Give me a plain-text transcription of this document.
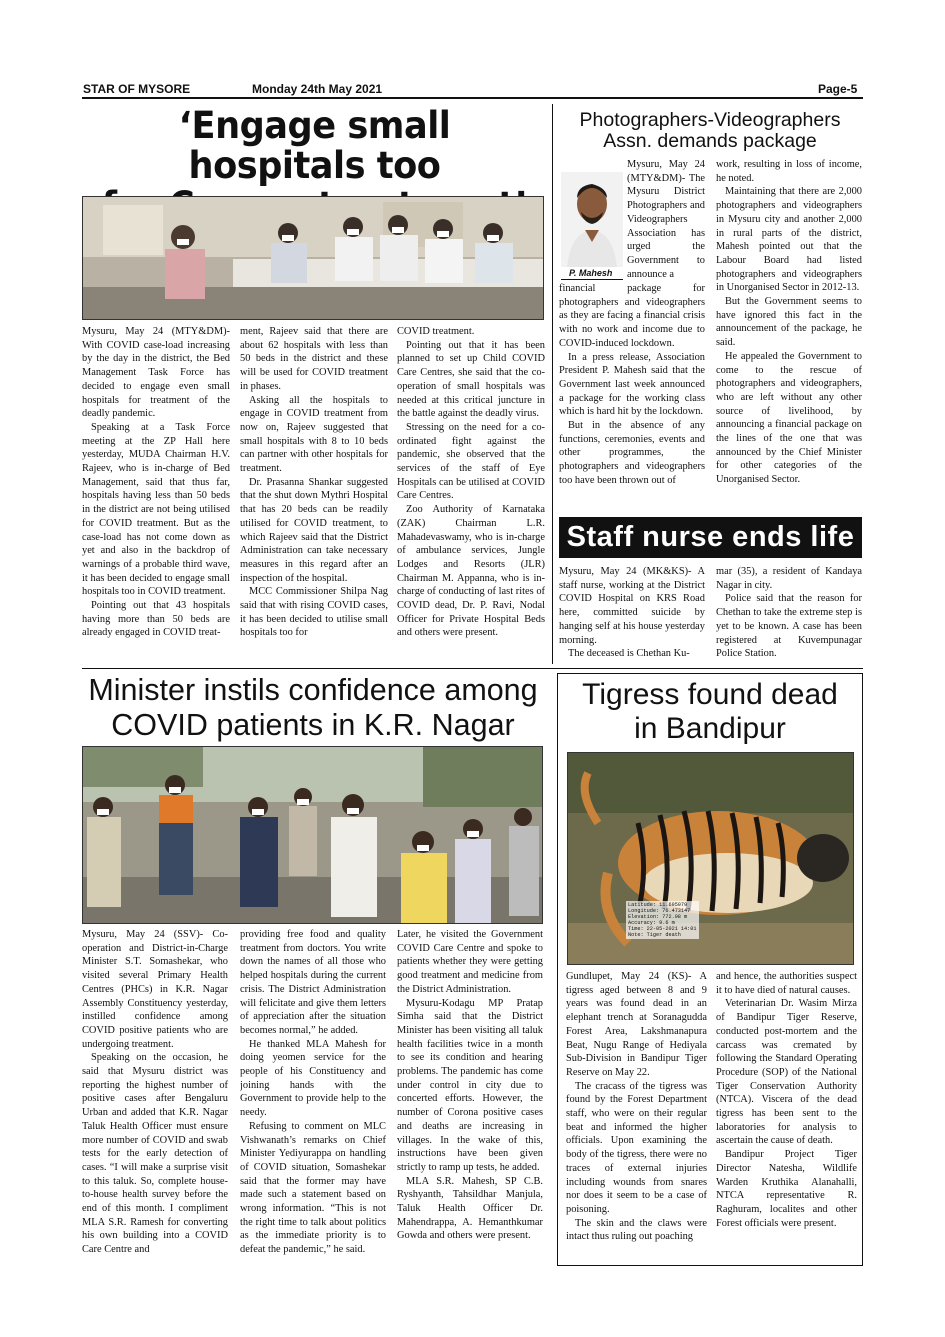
STAR OF MYSORE	Monday 24th May 2021	Page-5
‘Engage small hospitals too

Mysuru, May 24 (MTY&DM)- With COVID case-load increasing by the day in the district, the Bed Management Task Force has decided to engage even small hospitals for treatment of the deadly pandemic.

Speaking at a Task Force meeting at the ZP Hall here yesterday, MUDA Chairman H.V. Rajeev, who is in-charge of Bed Management, said that thus far, hospitals having less than 50 beds in the district are not being utilised for COVID treatment. But as the case-load has not come down as yet and also in the backdrop of warnings of a probable third wave, it has been decided to engage small hospitals too in COVID treatment.

Pointing out that 43 hospitals having more than 50 beds are already engaged in COVID treat-

ment, Rajeev said that there are about 62 hospitals with less than 50 beds in the district and these will be used for COVID treatment in phases.

Asking all the hospitals to engage in COVID treatment from now on, Rajeev suggested that small hospitals with 8 to 10 beds can partner with other hospitals for treatment.

Dr. Prasanna Shankar suggested that the shut down Mythri Hospital that has 20 beds can be readily utilised for COVID treatment, to which Rajeev said that the District Administration can take necessary measures in this regard after an inspection of the hospital.

MCC Commissioner Shilpa Nag said that with rising COVID cases, it has been decided to utilise small hospitals too for

COVID treatment.

Pointing out that it has been planned to set up Child COVID Care Centres, she said that the co-operation of small hospitals was needed at this critical juncture in the battle against the deadly virus.

Stressing on the need for a co-ordinated fight against the pandemic, she observed that the services of the staff of Eye Hospitals can be utilised at COVID Care Centres.

Zoo Authority of Karnataka (ZAK) Chairman L.R. Mahadevaswamy, who is in-charge of ambulance services, Jungle Lodges and Resorts (JLR) Chairman M. Appanna, who is in-charge of conducting of last rites of COVID dead, Dr. P. Ravi, Nodal Officer for Private Hospital Beds and others were present.

Photographers-Videographers
Assn. demands package
P. Mahesh

Mysuru, May 24 (MTY&DM)- The Mysuru District Photographers and Videographers Association has urged the Government to announce a

financial package for photographers and videographers as they are facing a financial crisis with no work and income due to COVID-induced lockdown.

In a press release, Association President P. Mahesh said that the Government last week announced a package for the working class which is hard hit by the lockdown.

But in the absence of any functions, ceremonies, events and other programmes, the photographers and videographers too have been thrown out of

work, resulting in loss of income, he noted.

Maintaining that there are 2,000 photographers and videographers in Mysuru city and another 2,000 in rural parts of the district, Mahesh pointed out that the Labour Board had listed photographers and videographers in Unorganised Sector in 2012-13.

But the Government seems to have ignored this fact in the announcement of the package, he said.

He appealed the Government to come to the rescue of photographers and videographers, who are left without any other source of livelihood, by announcing a financial package on the lines of the one that was announced by the Chief Minister for other categories of the Unorganised Sector.

Staff nurse ends life

Mysuru, May 24 (MK&KS)- A staff nurse, working at the District COVID Hospital on KRS Road here, committed suicide by hanging self at his house yesterday morning.

The deceased is Chethan Ku-

mar (35), a resident of Kandaya Nagar in city.

Police said that the reason for Chethan to take the extreme step is yet to be known. A case has been registered at Kuvempunagar Police Station.

Minister instils confidence among
COVID patients in K.R. Nagar

Mysuru, May 24 (SSV)- Co-operation and District-in-Charge Minister S.T. Somashekar, who visited several Primary Health Centres (PHCs) in K.R. Nagar Assembly Constituency yesterday, instilled confidence among COVID positive patients who are undergoing treatment.

Speaking on the occasion, he said that Mysuru district was reporting the highest number of positive cases after Bengaluru Urban and added that K.R. Nagar Taluk Health Officer must ensure more number of COVID and swab tests for the early detection of cases. “I will make a surprise visit to this taluk. So, complete house-to-house health survey before the end of this month. I compliment MLA S.R. Ramesh for converting his own building into a COVID Care Centre and

providing free food and quality treatment from doctors. You write down the names of all those who helped hospitals during the current crisis. The District Administration will felicitate and give them letters of appreciation after the situation becomes normal,” he added.

He thanked MLA Mahesh for doing yeomen service for the people of his Constituency and joining hands with the Government to provide help to the needy.

Refusing to comment on MLC Vishwanath’s remarks on Chief Minister Yediyurappa on handling of COVID situation, Somashekar said that the former may have made such a statement based on wrong information. “This is not the right time to talk about politics as the immediate priority is to defeat the pandemic,” he said.

Later, he visited the Government COVID Care Centre and spoke to patients whether they were getting good treatment and medicine from the District Administration.

Mysuru-Kodagu MP Pratap Simha said that the District Minister has been visiting all taluk health facilities twice in a month to see its condition and hearing problems. The pandemic has come under control in city due to concerted efforts. However, the number of Corona positive cases and deaths are increasing in villages. In the wake of this, instructions have been given strictly to ramp up tests, he added.

MLA S.R. Mahesh, SP C.B. Ryshyanth, Tahsildhar Manjula, Taluk Health Officer Dr. Mahendrappa, A. Hemanthkumar Gowda and others were present.

Tigress found dead
in Bandipur
Latitude: 11.695079
Longitude: 76.473147
Elevation: 772.98 m
Accuracy: 9.6 m
Time: 22-05-2021 14:01
Note: Tiger death

Gundlupet, May 24 (KS)- A tigress aged between 8 and 9 years was found dead in an elephant trench at Soranagudda Forest Area, Lakshmanapura Beat, Nugu Range of Hediyala Sub-Division in Bandipur Tiger Reserve on May 22.

The cracass of the tigress was found by the Forest Department staff, who were on their regular beat and informed the higher officials. Upon examining the body of the tigress, there were no traces of external injuries including wounds from snares nor does it seem to be a case of poisoning.

The skin and the claws were intact thus ruling out poaching

and hence, the authorities suspect it to have died of natural causes.

Veterinarian Dr. Wasim Mirza of Bandipur Tiger Reserve, conducted post-mortem and the carcass was cremated by following the Standard Operating Procedure (SOP) of the National Tiger Conservation Authority (NTCA). Viscera of the dead tigress has been sent to the laboratories for analysis to ascertain the cause of death.

Bandipur Project Tiger Director Natesha, Wildlife Warden Kruthika Alanahalli, NTCA representative R. Raghuram, localites and other Forest officials were present.
